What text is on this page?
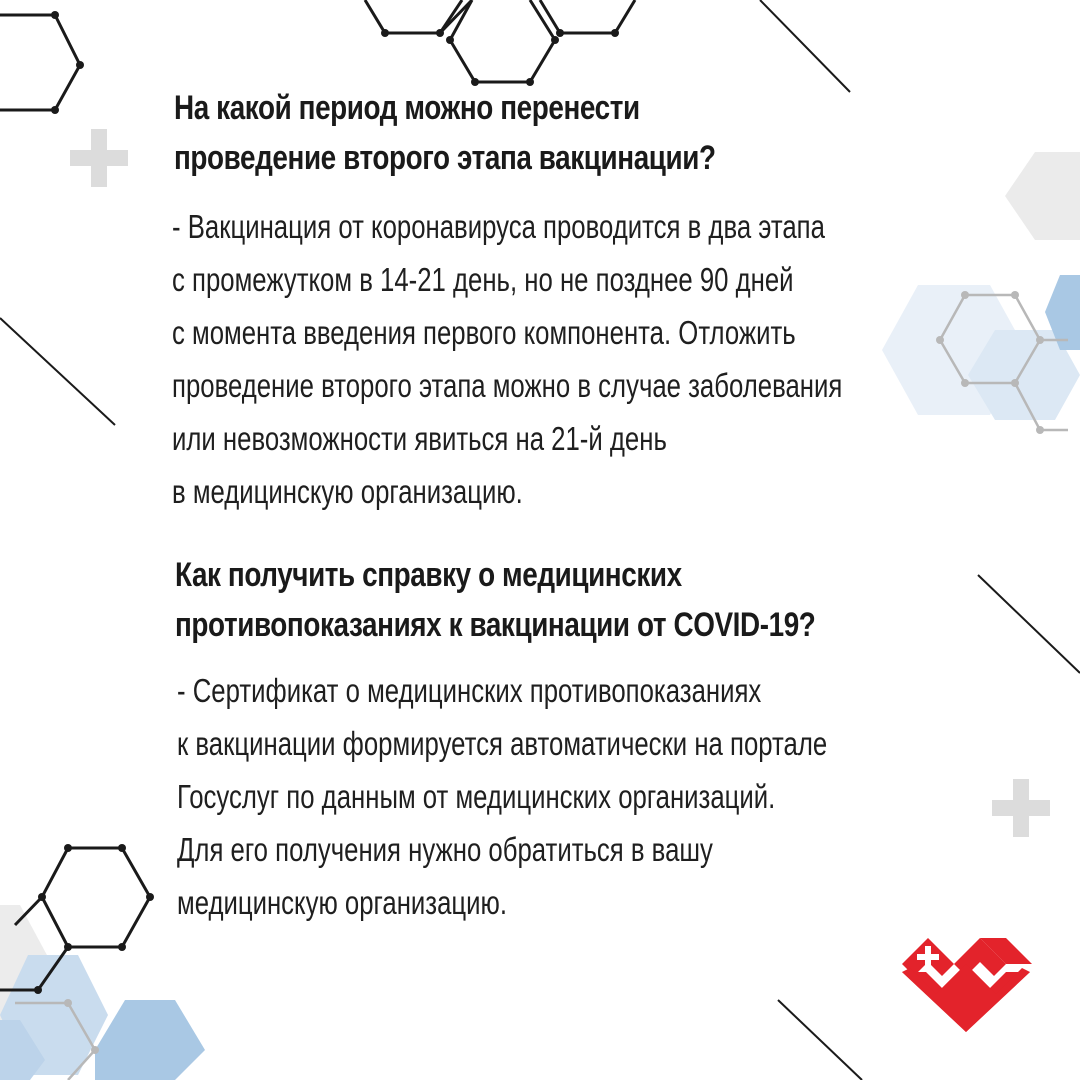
На какой период можно перенести
проведение второго этапа вакцинации?

- Вакцинация от коронавируса проводится в два этапа
с промежутком в 14-21 день, но не позднее 90 дней
с момента введения первого компонента. Отложить
проведение второго этапа можно в случае заболевания
или невозможности явиться на 21-й день
в медицинскую организацию.

Как получить справку о медицинских
противопоказаниях к вакцинации от COVID-19?

- Сертификат о медицинских противопоказаниях
к вакцинации формируется автоматически на портале
Госуслуг по данным от медицинских организаций.
Для его получения нужно обратиться в вашу
медицинскую организацию.
